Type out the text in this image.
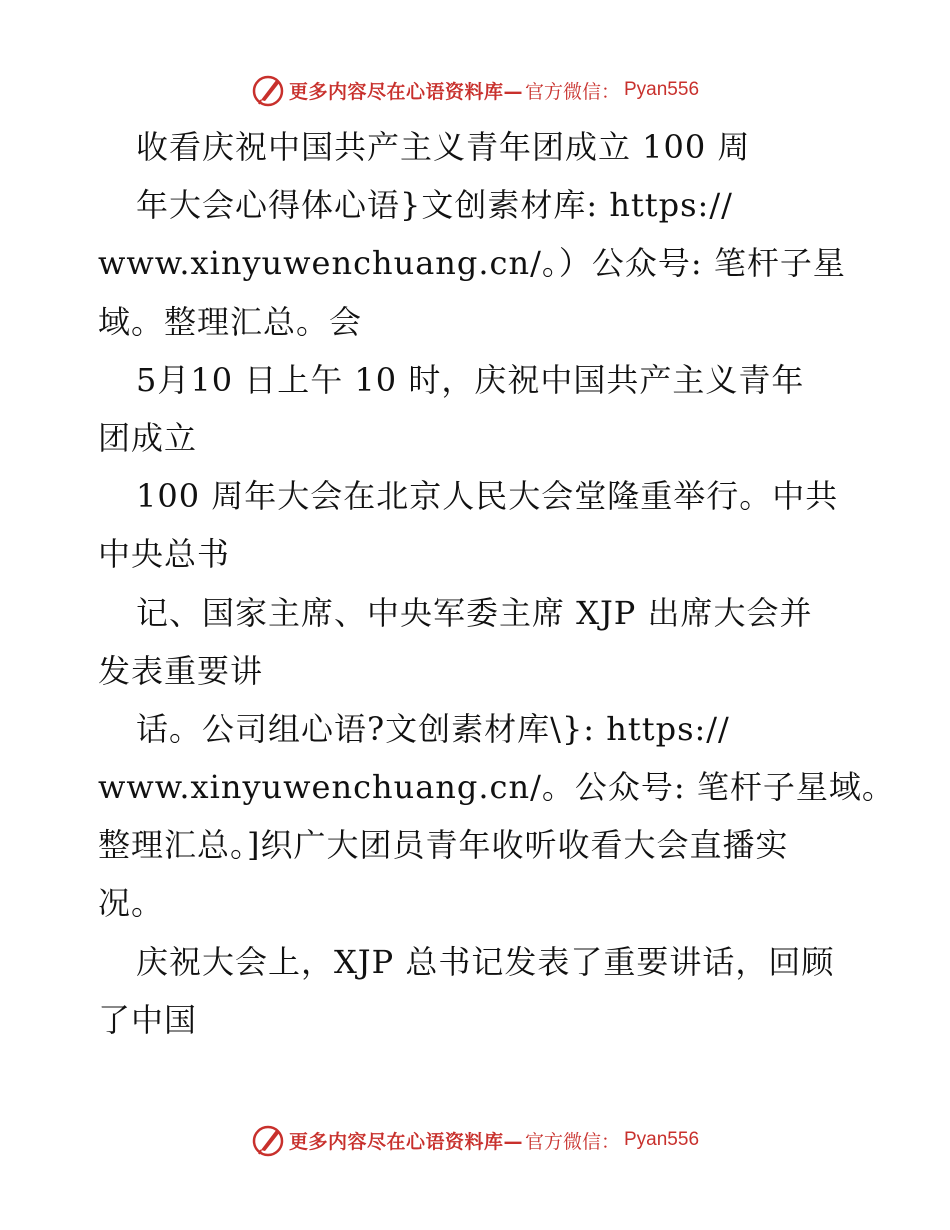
更多内容尽在心语资料库— 官方微信： Pyan556
收看庆祝中国共产主义青年团成立 100 周
年大会心得体心语}文创素材库: https://
www.xinyuwenchuang.cn/。）公众号: 笔杆子星
域。整理汇总。会
5月10 日上午 10 时，庆祝中国共产主义青年
团成立
100 周年大会在北京人民大会堂隆重举行。中共
中央总书
记、国家主席、中央军委主席 XJP 出席大会并
发表重要讲
话。公司组心语?文创素材库\}: https://
www.xinyuwenchuang.cn/。公众号: 笔杆子星域。
整理汇总。]织广大团员青年收听收看大会直播实
况。
庆祝大会上，XJP 总书记发表了重要讲话，回顾
了中国
更多内容尽在心语资料库— 官方微信： Pyan556
